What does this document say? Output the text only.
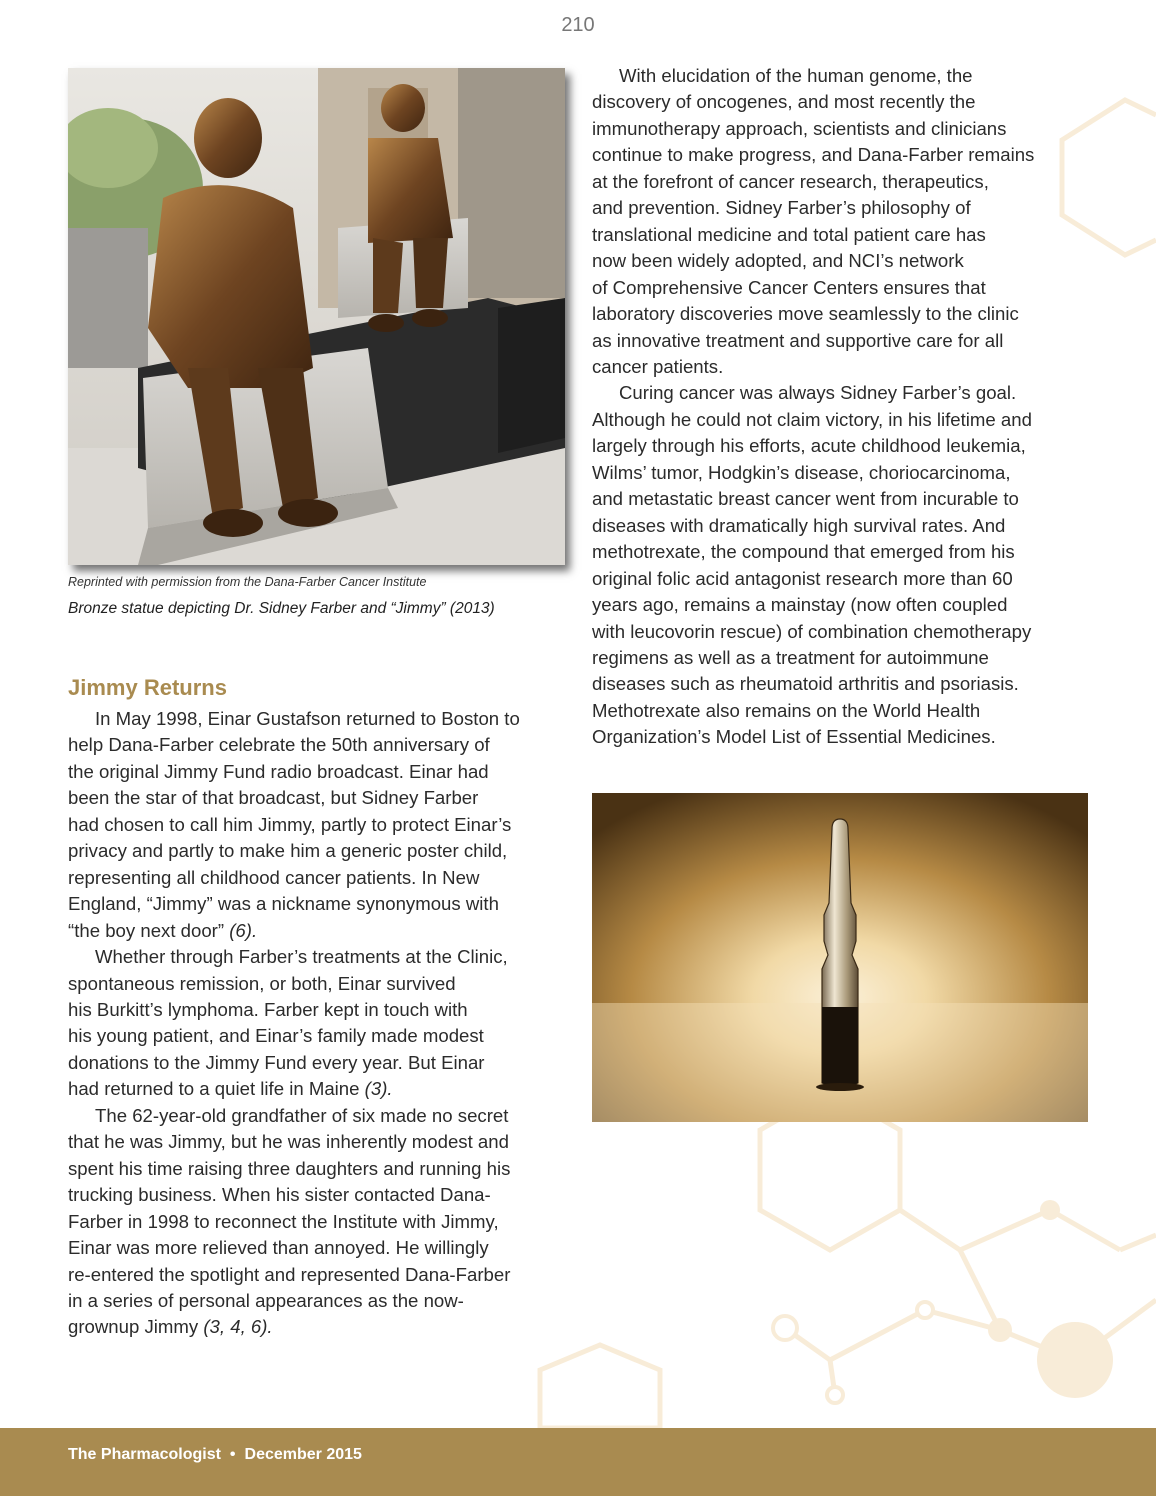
210
Reprinted with permission from the Dana-Farber Cancer Institute
Bronze statue depicting Dr. Sidney Farber and “Jimmy” (2013)
Jimmy Returns

In May 1998, Einar Gustafson returned to Boston to
help Dana-Farber celebrate the 50th anniversary of
the original Jimmy Fund radio broadcast. Einar had
been the star of that broadcast, but Sidney Farber
had chosen to call him Jimmy, partly to protect Einar’s
privacy and partly to make him a generic poster child,
representing all childhood cancer patients. In New
England, “Jimmy” was a nickname synonymous with
“the boy next door” (6).

Whether through Farber’s treatments at the Clinic,
spontaneous remission, or both, Einar survived
his Burkitt’s lymphoma. Farber kept in touch with
his young patient, and Einar’s family made modest
donations to the Jimmy Fund every year. But Einar
had returned to a quiet life in Maine (3).

The 62-year-old grandfather of six made no secret
that he was Jimmy, but he was inherently modest and
spent his time raising three daughters and running his
trucking business. When his sister contacted Dana-
Farber in 1998 to reconnect the Institute with Jimmy,
Einar was more relieved than annoyed. He willingly
re-entered the spotlight and represented Dana-Farber
in a series of personal appearances as the now-
grownup Jimmy (3, 4, 6).

With elucidation of the human genome, the
discovery of oncogenes, and most recently the
immunotherapy approach, scientists and clinicians
continue to make progress, and Dana-Farber remains
at the forefront of cancer research, therapeutics,
and prevention. Sidney Farber’s philosophy of
translational medicine and total patient care has
now been widely adopted, and NCI’s network
of Comprehensive Cancer Centers ensures that
laboratory discoveries move seamlessly to the clinic
as innovative treatment and supportive care for all
cancer patients.

Curing cancer was always Sidney Farber’s goal.
Although he could not claim victory, in his lifetime and
largely through his efforts, acute childhood leukemia,
Wilms’ tumor, Hodgkin’s disease, choriocarcinoma,
and metastatic breast cancer went from incurable to
diseases with dramatically high survival rates. And
methotrexate, the compound that emerged from his
original folic acid antagonist research more than 60
years ago, remains a mainstay (now often coupled
with leucovorin rescue) of combination chemotherapy
regimens as well as a treatment for autoimmune
diseases such as rheumatoid arthritis and psoriasis.
Methotrexate also remains on the World Health
Organization’s Model List of Essential Medicines.

The Pharmacologist • December 2015
